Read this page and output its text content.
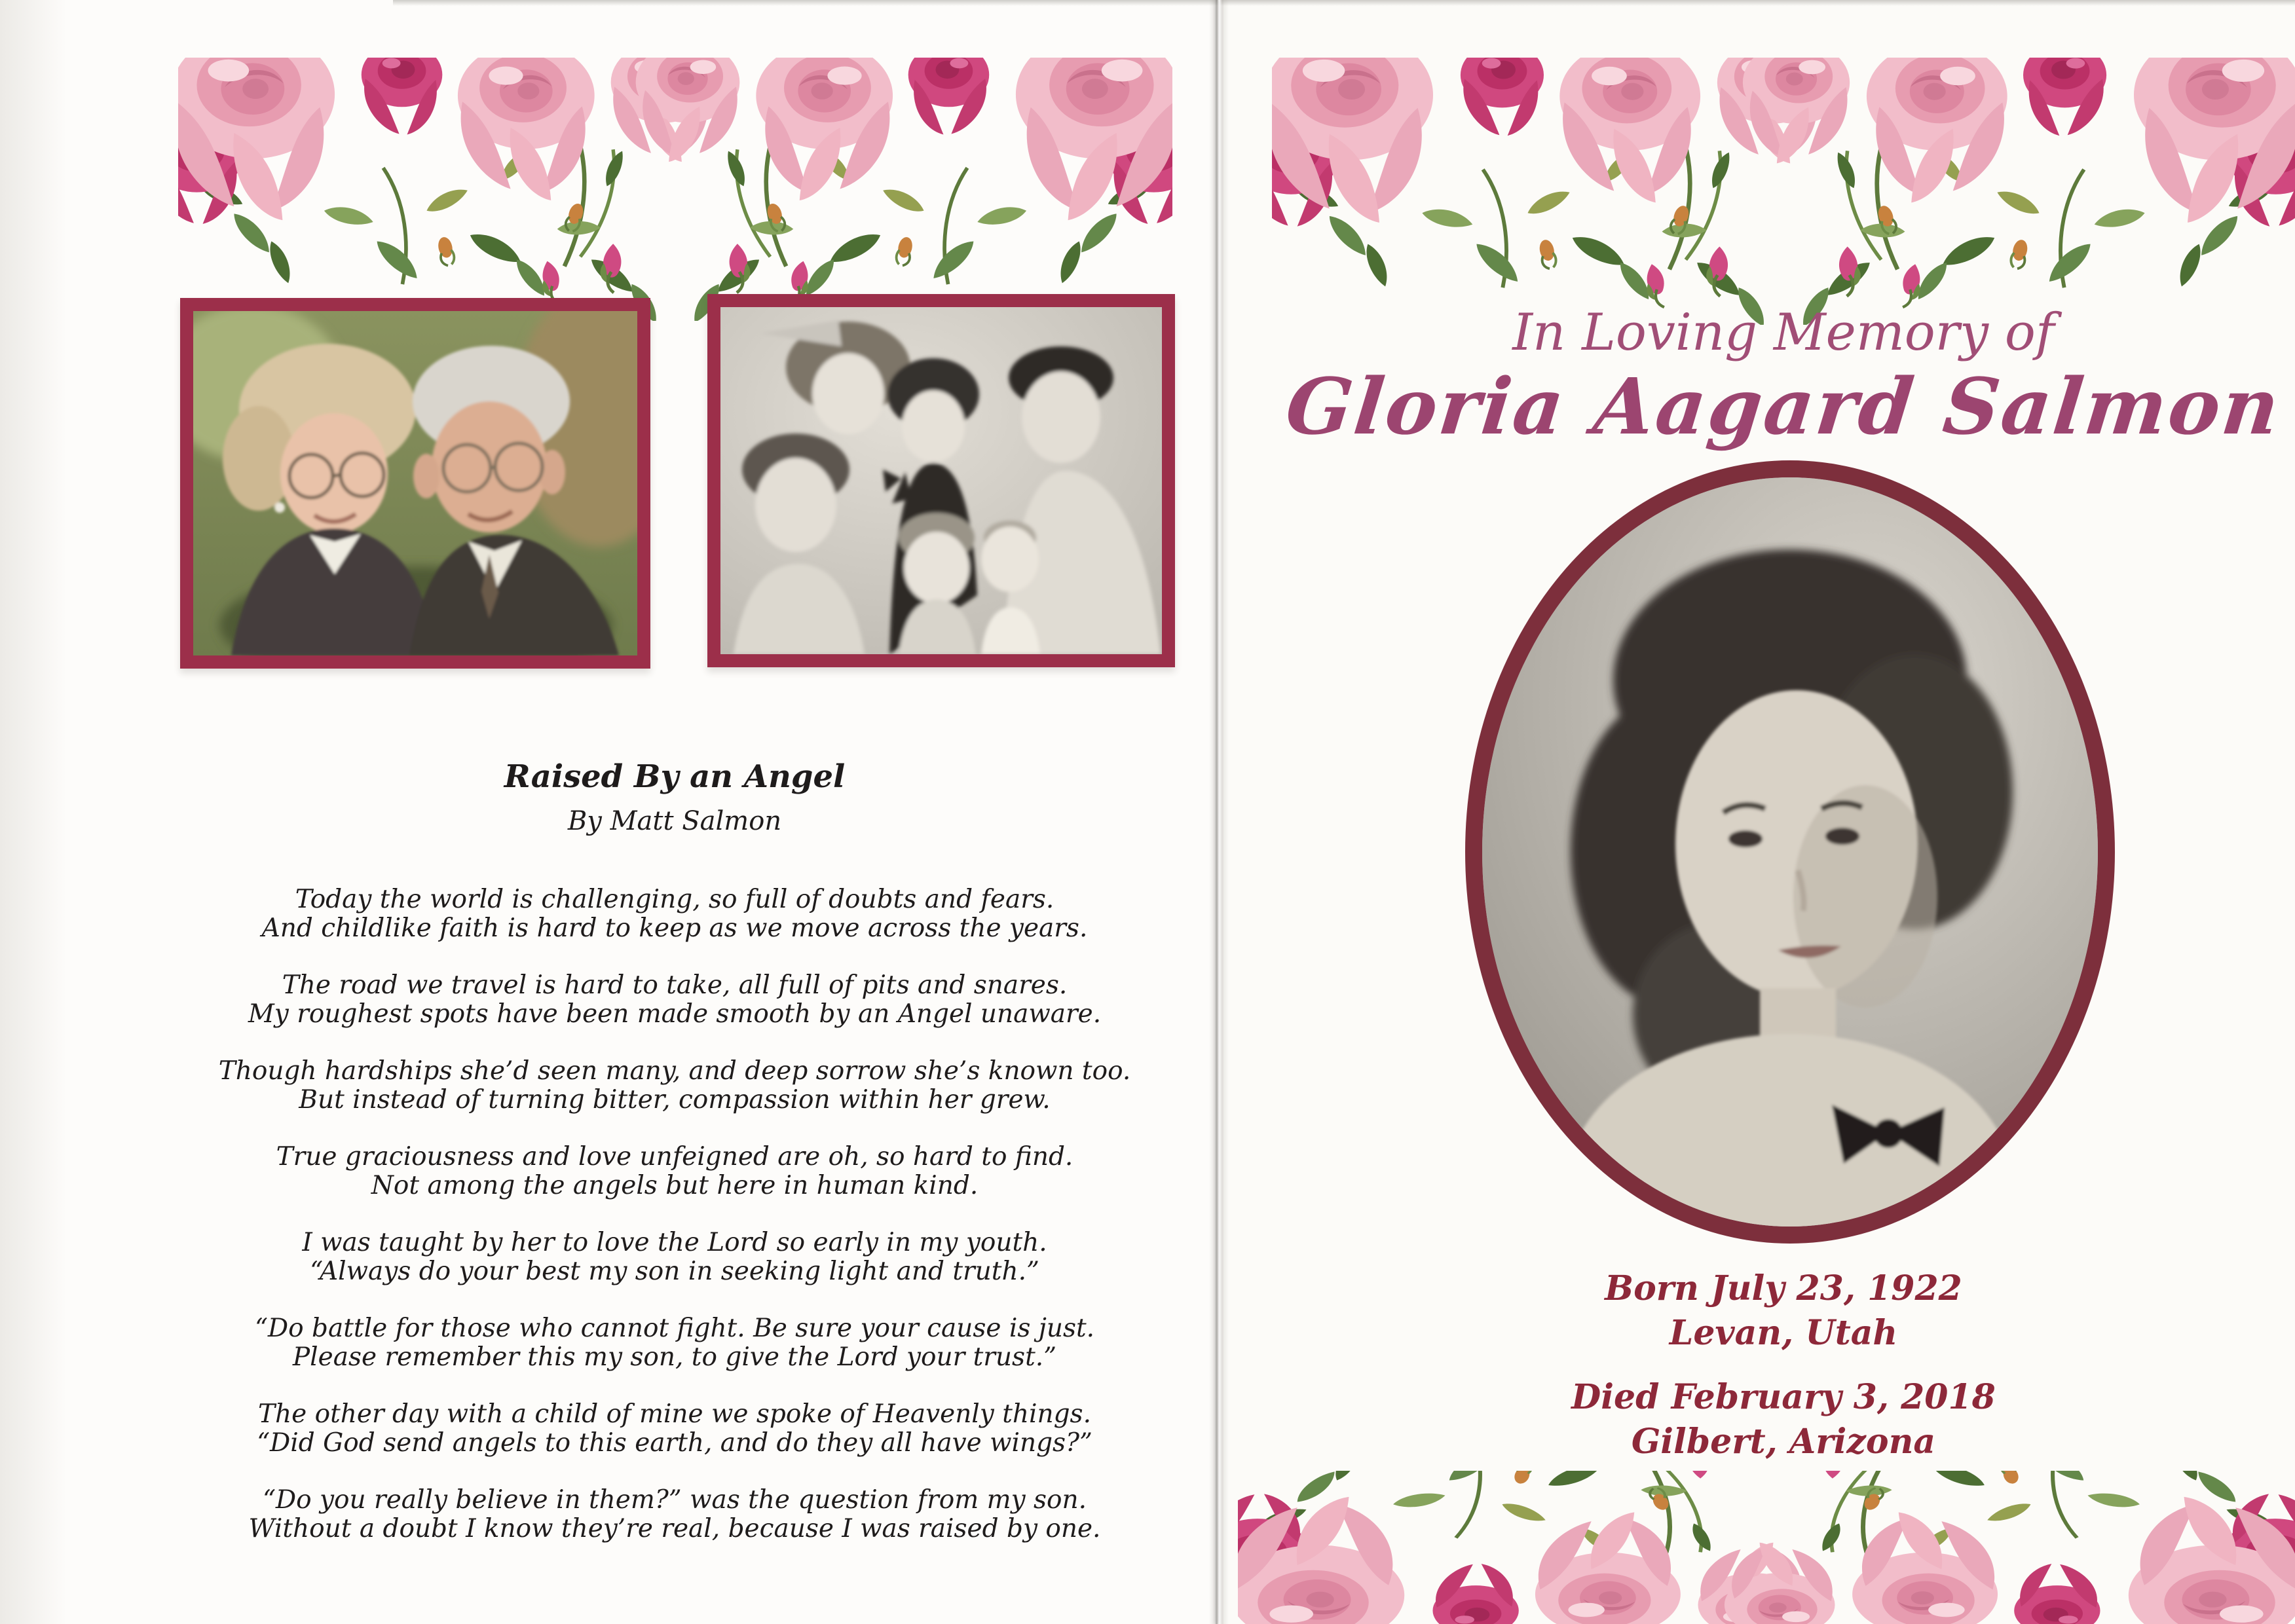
In Loving Memory of
Gloria Aagard Salmon
Born July 23, 1922
Levan, Utah
Died February 3, 2018
Gilbert, Arizona
Raised By an Angel
By Matt Salmon
Today the world is challenging, so full of doubts and fears.
And childlike faith is hard to keep as we move across the years.
The road we travel is hard to take, all full of pits and snares.
My roughest spots have been made smooth by an Angel unaware.
Though hardships she’d seen many, and deep sorrow she’s known too.
But instead of turning bitter, compassion within her grew.
True graciousness and love unfeigned are oh, so hard to find.
Not among the angels but here in human kind.
I was taught by her to love the Lord so early in my youth.
“Always do your best my son in seeking light and truth.”
“Do battle for those who cannot fight. Be sure your cause is just.
Please remember this my son, to give the Lord your trust.”
The other day with a child of mine we spoke of Heavenly things.
“Did God send angels to this earth, and do they all have wings?”
“Do you really believe in them?” was the question from my son.
Without a doubt I know they’re real, because I was raised by one.
